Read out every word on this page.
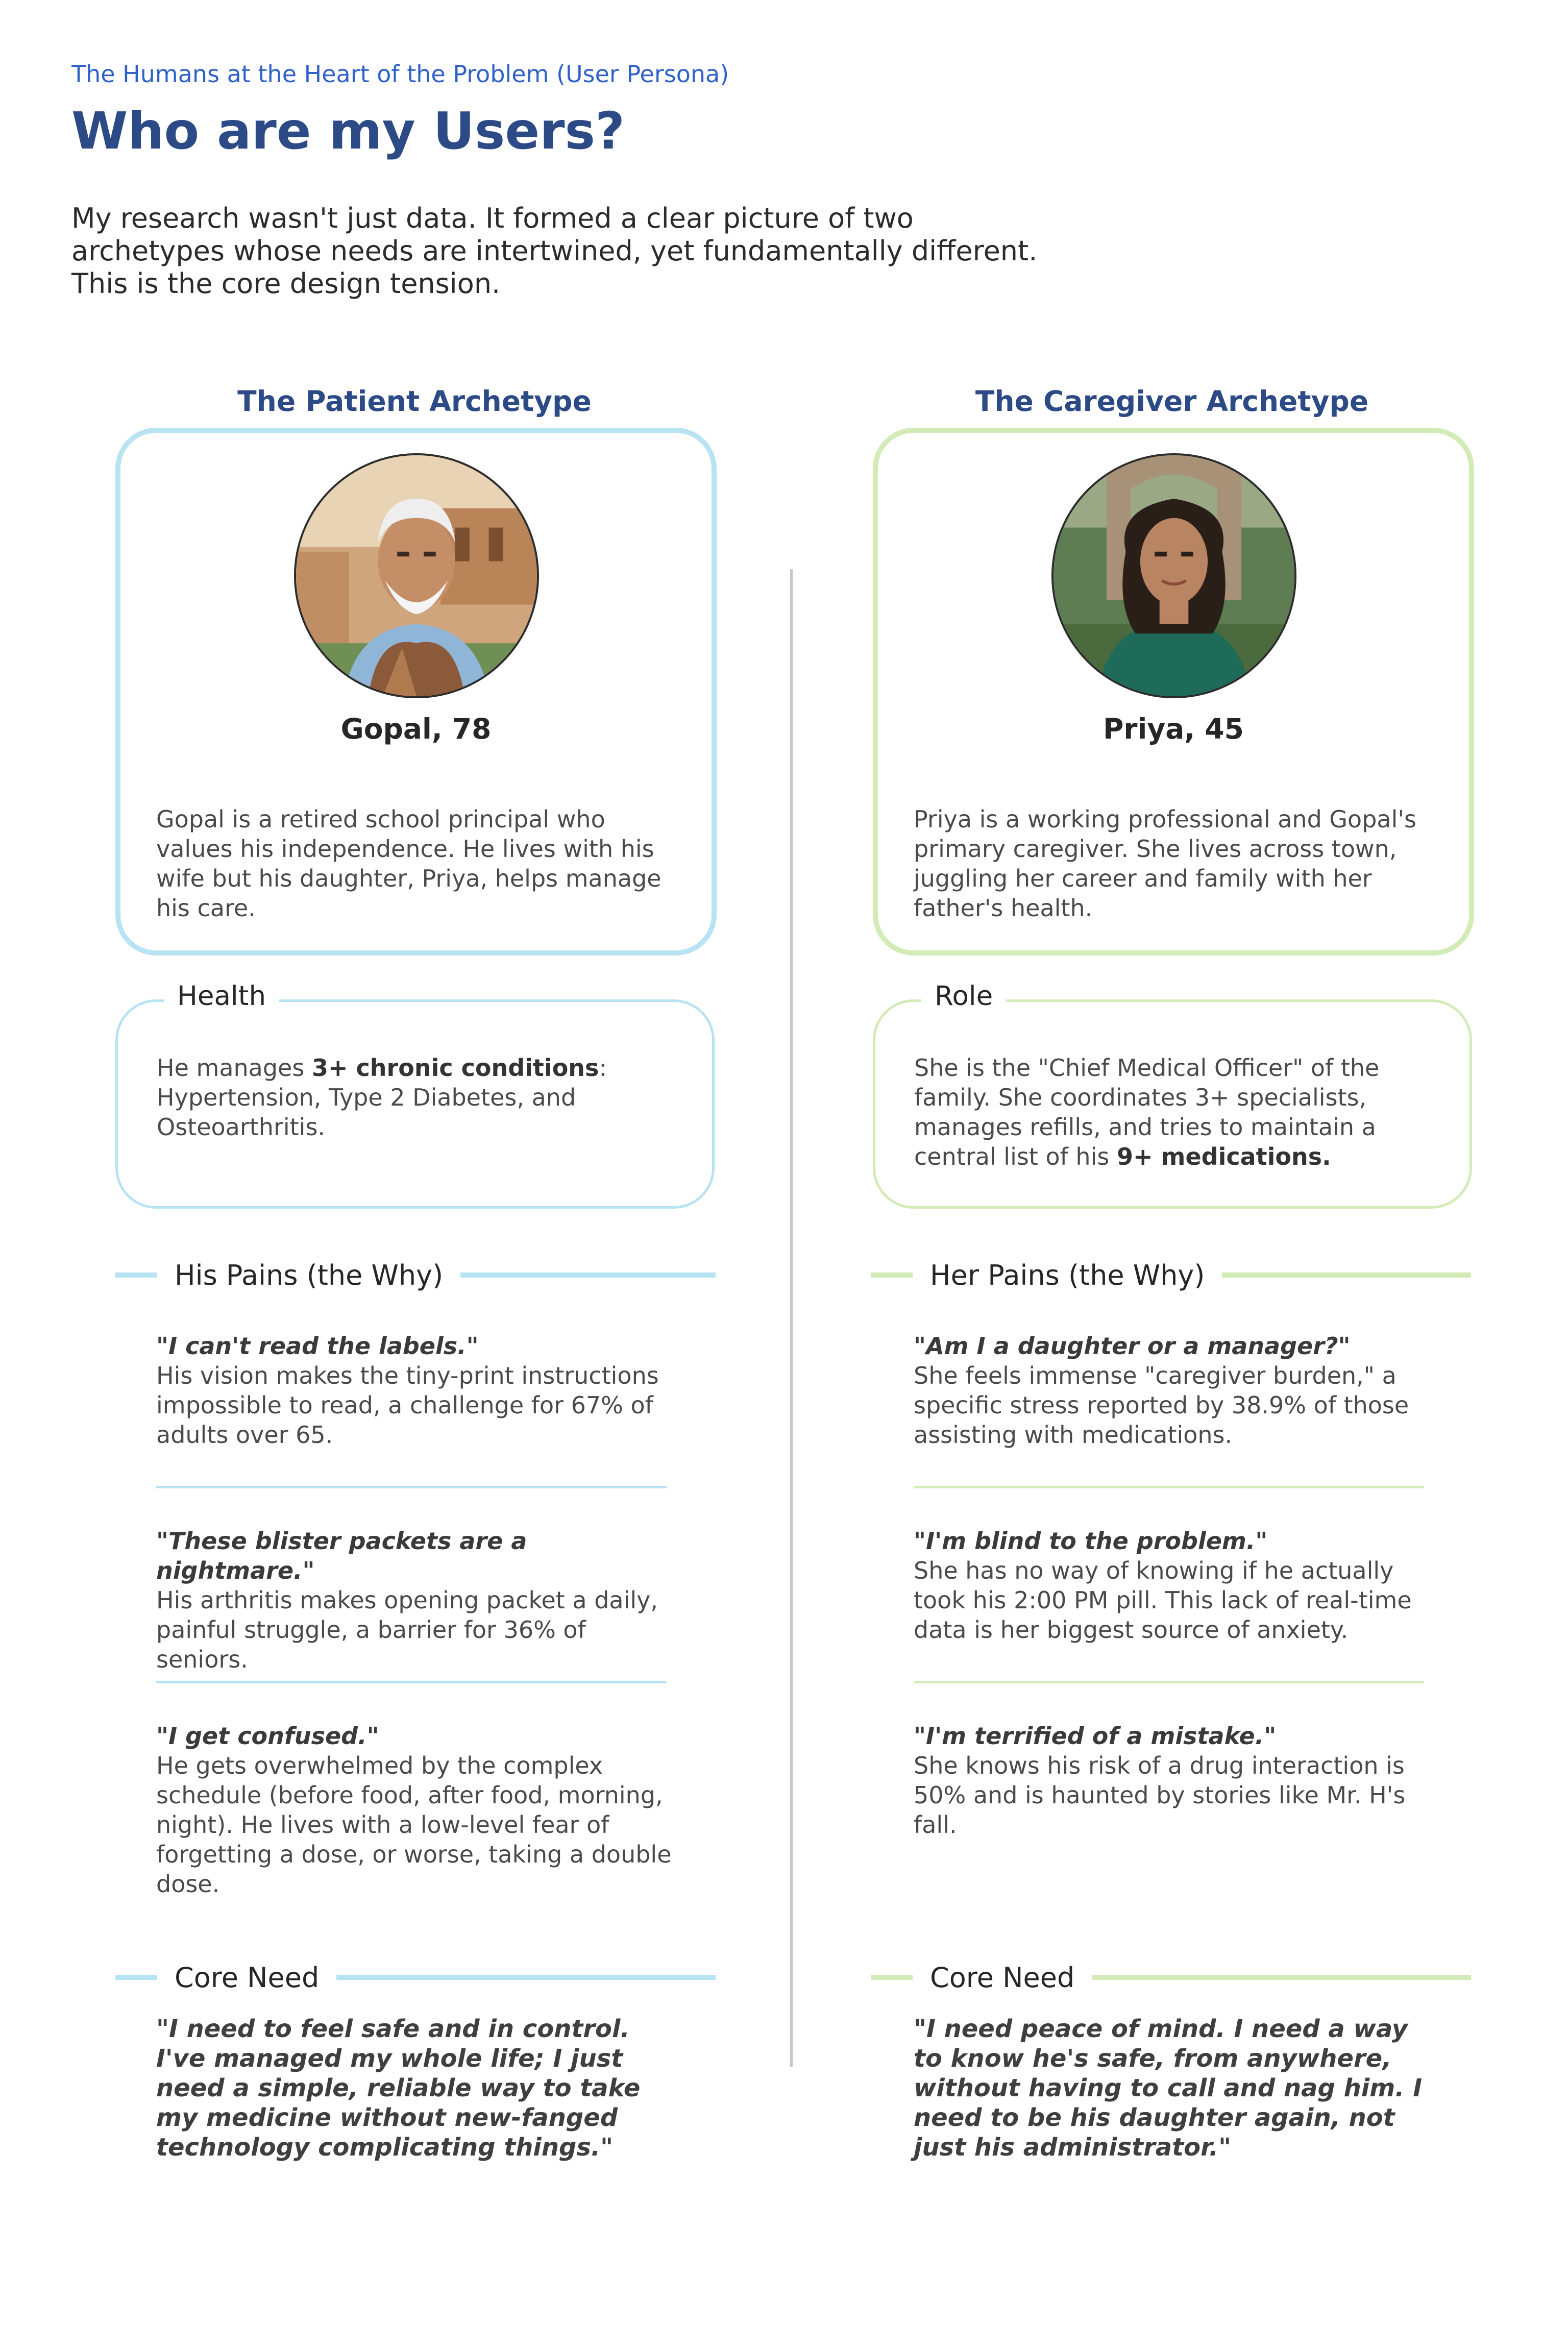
The Humans at the Heart of the Problem (User Persona)
Who are my Users?
My research wasn't just data. It formed a clear picture of two archetypes whose needs are intertwined, yet fundamentally different. This is the core design tension.
The Patient Archetype	The Caregiver Archetype
Gopal, 78
Gopal is a retired school principal who values his independence. He lives with his wife but his daughter, Priya, helps manage his care.
Health
He manages 3+ chronic conditions: Hypertension, Type 2 Diabetes, and Osteoarthritis.
His Pains (the Why)
"I can't read the labels."
His vision makes the tiny-print instructions impossible to read, a challenge for 67% of adults over 65.
"These blister packets are a nightmare."
His arthritis makes opening packet a daily, painful struggle, a barrier for 36% of seniors.
"I get confused."
He gets overwhelmed by the complex schedule (before food, after food, morning, night). He lives with a low-level fear of forgetting a dose, or worse, taking a double dose.
Core Need
"I need to feel safe and in control. I've managed my whole life; I just need a simple, reliable way to take my medicine without new-fanged technology complicating things."
Priya, 45
Priya is a working professional and Gopal's primary caregiver. She lives across town, juggling her career and family with her father's health.
Role
She is the "Chief Medical Officer" of the family. She coordinates 3+ specialists, manages refills, and tries to maintain a central list of his 9+ medications.
Her Pains (the Why)
"Am I a daughter or a manager?"
She feels immense "caregiver burden," a specific stress reported by 38.9% of those assisting with medications.
"I'm blind to the problem."
She has no way of knowing if he actually took his 2:00 PM pill. This lack of real-time data is her biggest source of anxiety.
"I'm terrified of a mistake."
She knows his risk of a drug interaction is 50% and is haunted by stories like Mr. H's fall.
Core Need
"I need peace of mind. I need a way to know he's safe, from anywhere, without having to call and nag him. I need to be his daughter again, not just his administrator."
